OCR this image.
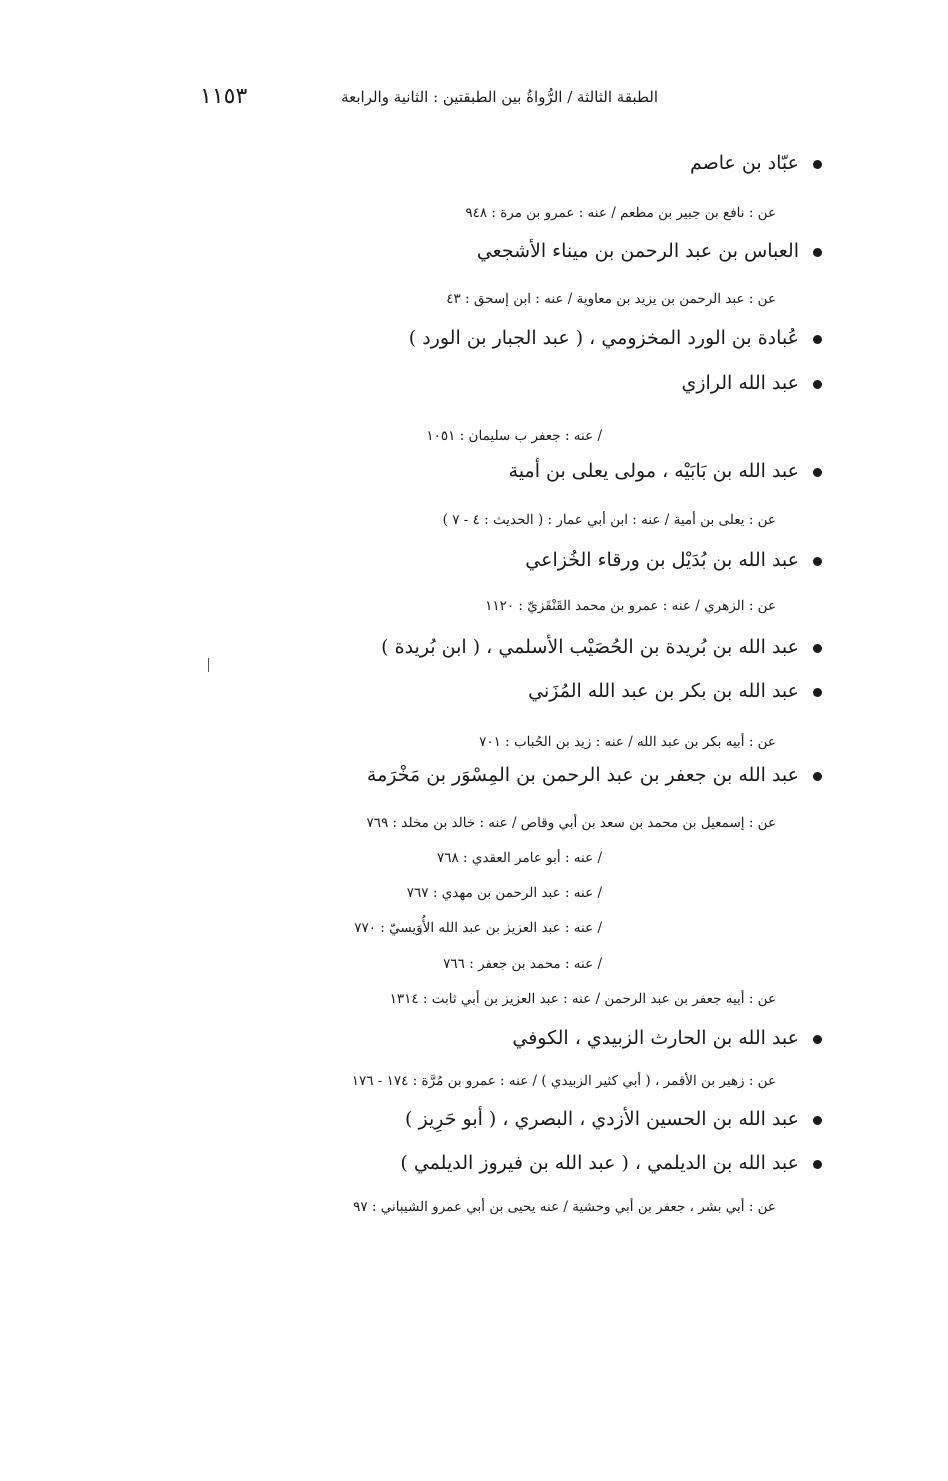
الطبقة الثالثة / الرُّواةُ بين الطبقتين : الثانية والرابعة
١١٥٣
عبّاد بن عاصم
عن : نافع بن جبير بن مطعم / عنه : عمرو بن مرة : ٩٤٨
العباس بن عبد الرحمن بن ميناء الأشجعي
عن : عبد الرحمن بن يزيد بن معاوية / عنه : ابن إسحق : ٤٣
عُبادة بن الورد المخزومي ، ( عبد الجبار بن الورد )
عبد الله الرازي
/ عنه : جعفر ب سليمان : ١٠٥١
عبد الله بن بَابَيْه ، مولى يعلى بن أمية
عن : يعلى بن أمية / عنه : ابن أبي عمار : ( الحديث : ٤ - ٧ )
عبد الله بن بُدَيْل بن ورقاء الخُزاعي
عن : الزهري / عنه : عمرو بن محمد القَنْقَزيّ : ١١٢٠
عبد الله بن بُريدة بن الحُصَيْب الأسلمي ، ( ابن بُريدة )
عبد الله بن بكر بن عبد الله المُزَني
عن : أبيه بكر بن عبد الله / عنه : زيد بن الحُباب : ٧٠١
عبد الله بن جعفر بن عبد الرحمن بن المِسْوَر بن مَخْرَمة
عن : إسمعيل بن محمد بن سعد بن أبي وقاص / عنه : خالد بن مخلد : ٧٦٩
/ عنه : أبو عامر العقدي : ٧٦٨
/ عنه : عبد الرحمن بن مهدي : ٧٦٧
/ عنه : عبد العزيز بن عبد الله الأُوَيسيّ : ٧٧٠
/ عنه : محمد بن جعفر : ٧٦٦
عن : أبيه جعفر بن عبد الرحمن / عنه : عبد العزيز بن أبي ثابت : ١٣١٤
عبد الله بن الحارث الزبيدي ، الكوفي
عن : زهير بن الأقمر ، ( أبي كثير الزبيدي ) / عنه : عمرو بن مُرَّة : ١٧٤ - ١٧٦
عبد الله بن الحسين الأزدي ، البصري ، ( أبو حَرِيز )
عبد الله بن الديلمي ، ( عبد الله بن فيروز الديلمي )
عن : أبي بشر ، جعفر بن أبي وحشية / عنه يحيى بن أبي عمرو الشيباني : ٩٧
